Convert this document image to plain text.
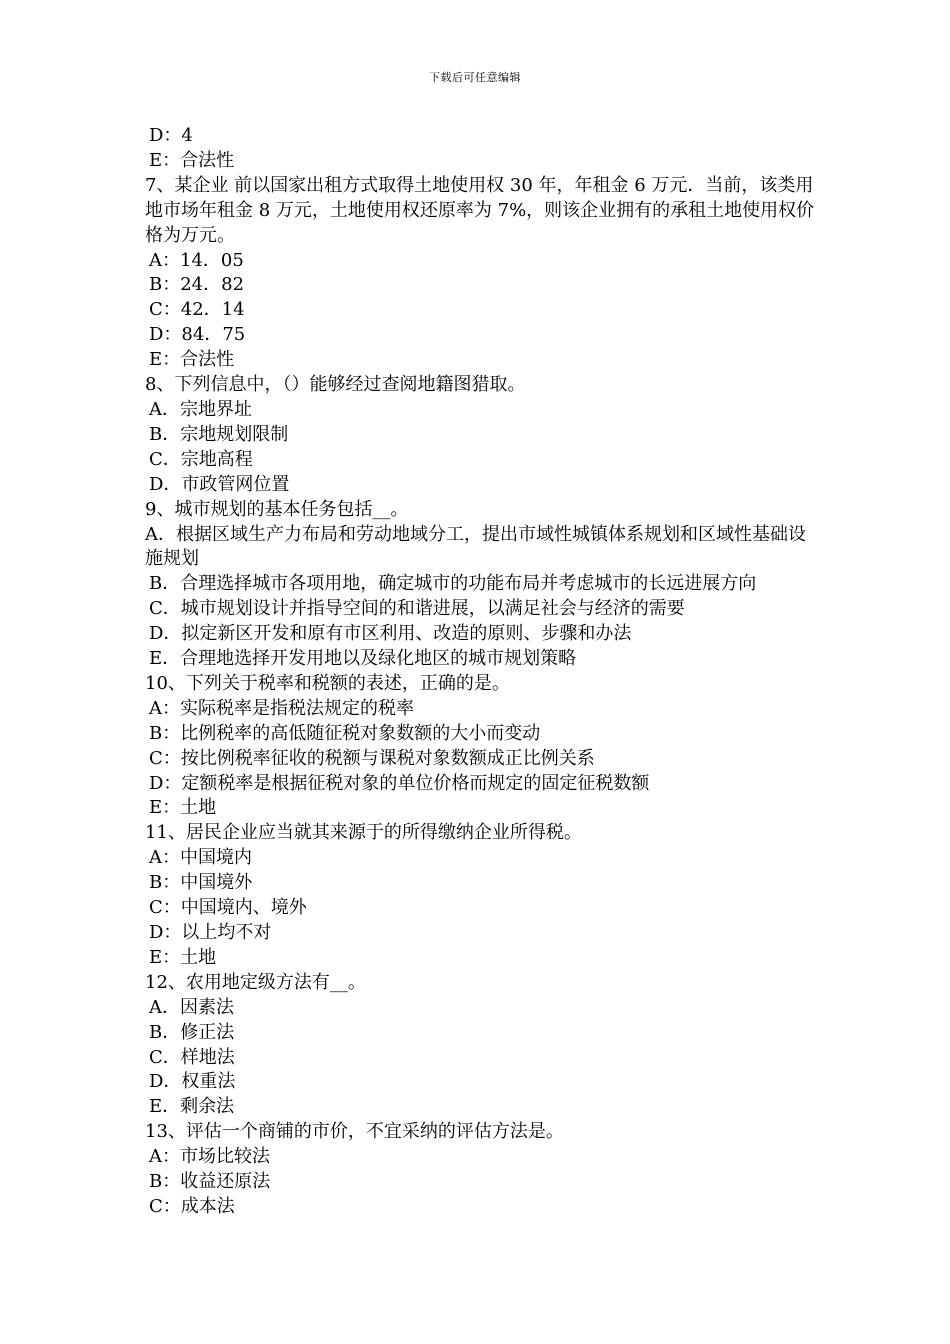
下载后可任意编辑
D：4
E：合法性
7、某企业 前以国家出租方式取得土地使用权 30 年，年租金 6 万元．当前，该类用地市场年租金 8 万元，土地使用权还原率为 7%，则该企业拥有的承租土地使用权价格为万元。
A：14．05
B：24．82
C：42．14
D：84．75
E：合法性
8、下列信息中，（）能够经过查阅地籍图猎取。
A．宗地界址
B．宗地规划限制
C．宗地高程
D．市政管网位置
9、城市规划的基本任务包括__。
A．根据区域生产力布局和劳动地域分工，提出市域性城镇体系规划和区域性基础设施规划
B．合理选择城市各项用地，确定城市的功能布局并考虑城市的长远进展方向
C．城市规划设计并指导空间的和谐进展，以满足社会与经济的需要
D．拟定新区开发和原有市区利用、改造的原则、步骤和办法
E．合理地选择开发用地以及绿化地区的城市规划策略
10、下列关于税率和税额的表述，正确的是。
A：实际税率是指税法规定的税率
B：比例税率的高低随征税对象数额的大小而变动
C：按比例税率征收的税额与课税对象数额成正比例关系
D：定额税率是根据征税对象的单位价格而规定的固定征税数额
E：土地
11、居民企业应当就其来源于的所得缴纳企业所得税。
A：中国境内
B：中国境外
C：中国境内、境外
D：以上均不对
E：土地
12、农用地定级方法有__。
A．因素法
B．修正法
C．样地法
D．权重法
E．剩余法
13、评估一个商铺的市价，不宜采纳的评估方法是。
A：市场比较法
B：收益还原法
C：成本法
